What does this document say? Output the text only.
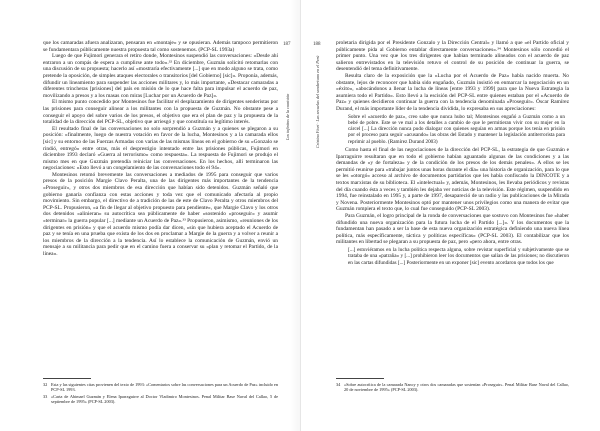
187
Los infinitos de la comisión

que los camaradas afuera analizaran, pensaran en «montaje» y se opusieran. Además tampoco permitieron se fundamentara públicamente nuestra propuesta tal como sostenemos. (PCP-SL 1993a)

Luego de que Fujimori generara el retiro donde, Montesinos suspendió las conversaciones: «Desde ahí entraron a un compás de espera a cumplirse ante todo».³² En diciembre, Guzmán solicitó retomarlas con una discusión de su propuesta; hacerlo así «mostraría efectivamente [...] que en modo alguno se trata, como pretende la oposición, de simples ataques electorales o transitorios [del Gobierno] [sic]». Proponía, además, difundir un lineamiento para suspender las acciones militares y, lo más importante, «Destacar camaradas a diferentes trincheras [prisiones] del país en misión de lo que hace falta para impulsar el acuerdo de paz, movilizando a presos y a los masas con miras [Luchar por un Acuerdo de Paz]».

El mismo punto concedido por Montesinos fue facilitar el desplazamiento de dirigentes senderistas por las prisiones para conseguir alinear a los militantes con la propuesta de Guzmán. No obstante pese a conseguir el apoyo del sobre varios de los presos, el objetivo que era el plan de paz y la propuesta de la totalidad de la dirección del PCP-SL, objetivo que arriesgó y que constituía su legítimo interés.

El resultado final de las conversaciones no solo sorprendió a Guzmán y a quienes se plegaron a su posición: «finalmente, luego de nuestra votación en favor de la lucha, Montesinos y a la camarada ellos [sic] y su entorno de las Fuerzas Armadas con varias de las mismas líneas en el gobierno de su «Gonzalo se rindió, entregó» entre otras, más el desprestigio intentado entre las prisiones públicas, Fujimori en diciembre 1993 declaró «Guerra al terrorismo» como respuesta». La respuesta de Fujimori se produjo el mismo mes en que Guzmán pretendía reiniciar las conversaciones. En los hechos, allí terminaron las negociaciones: «Esto llevó a un congelamiento de las conversaciones todo el 94».

Montesinos retomó brevemente las conversaciones a mediados de 1995 para conseguir que varios presos de la posición Margie Clavo Peralta, una de las dirigentes más importantes de la tendencia «Proseguir», y otros dos miembros de esa dirección que habían sido detenidos. Guzmán señaló que gobierno ganaría confianza con estas acciones y toda vez que el comunicado afectaría al propio movimiento. Sin embargo, el directivo de a tradición de las de este de Clavo Peralta y otros miembros del PCP-SL. Propusieron, «a fin de llegar al objetivo propuesto para pendiente», que Margie Clavo y los otros dos detenidos «alinieran» su autocrítica sea públicamente de haber «sostenido «proseguir» y asumir «terminar» la guerra popular [...] mediante un Acuerdo de Paz».³³ Propusieron, asimismo, «reuniones de los dirigentes en prisión» y que el acuerdo mismo podía dar dicen, «sin que hubiera aceptado el Acuerdo de paz y se tenía en una prueba que exista de los dos en proclamar a Margie de la guerra y a volver a reunir a los miembros de la dirección a la tendencia. Así lo establece la comunicación de Guzmán, envió un mensaje a su militancia para pedir que en el camino fuera a conservar su «plan y retomar el Partido, de la línea».

32 Esta y las siguientes citas provienen del texto de 1993: «Comentarios sobre las conversaciones para un Acuerdo de Paz» incluido en PCP-SL 1993.
33 «Carta de Abimael Guzmán y Elena Iparraguirre al Doctor Vladimiro Montesinos. Penal Militar Base Naval del Callao, 5 de septiembre de 1995» (PCP-SL 2003).
188
Cristina Fiori · Las secuelas del senderismo en el Perú

proletaria dirigida por el Presidente Gonzalo y la Dirección Central» y llamó a que «el Partido oficial y públicamente pida al Gobierno entablar directamente conversaciones».³⁴ Montesinos sólo concedió el primer punto. Una vez que los tres dirigentes que habían terminado alineados con el acuerdo de paz salieron entrevistados en la televisión retuvo el control de su posición de continuar la guerra, se desentendió del tema definitivamente.

Resulta claro de la exposición que la «Lucha por el Acuerdo de Paz» había nacido muerta. No obstante, lejos de reconocer que había sido engañado, Guzmán insistió en enmarcar la negociación en un «éxito», «abocándonos a llenar la lucha de líneas [entre 1993 y 1999] para que la Nueva Estrategia la asumiera todo el Partido». Esto llevó a la escisión del PCP-SL entre quienes estaban por el «Acuerdo de Paz» y quienes decidieron continuar la guerra con la tendencia denominada «Proseguir». Óscar Ramírez Durand, el más importante líder de la tendencia dividida, lo expresaba en sus apreciaciones:

Sobre el «acuerdo de paz», creo sabe que nunca hubo tal; Montesinos engañó a Guzmán como a un bebé de pobre. Este se ve mal a los detalles a cambio de que le permitieran vivir con su mujer en la cárcel [...] La dirección nunca pudo dialogar con quienes seguían en armas porque los tenía en prisión por el proceso para seguir «acusando» las obras del Estado y mantener la legislación antiterrorista para reprimir al pueblo. (Ramírez Durand 2003)

Como hasta el final de las negociaciones de la dirección del PCP-SL, la estrategia de que Guzmán e Iparraguirre resultaran que en todo el gobierno habían aguantado algunas de las condiciones y a las demandas de «y de fortaleza» y de la condición de los presos de los demás penales». A ellos se les permitió reunirse para «trabajar juntos unas horas durante el día» una historia de organización, para lo que se les «otorgó» acceso al archivo de documentos partidarios que les había confiscado la DINCOTE y a textos marxistas de su biblioteca. El «intelectual» y, además, Montesinos, les llevaba periódicos y revistas del día cuando ésta a veces y también les dejaba ver noticias de la televisión. Este régimen, suspendido en 1994, fue reinstalado en 1995 y, a parte de 1997, desapareció de un radio y las publicaciones de la Mirada y Novena. Posteriormente Montesinos optó por mantener unos privilegios como una manera de evitar que Guzmán rompiera el texto que, lo cual fue conseguido (PCP-SL 2003).

Para Guzmán, el logro principal de la ronda de conversaciones que sostuvo con Montesinos fue «haber difundido una nueva organización para la futura lucha de el Partido [...]». Y los documentos que la fundamentan han pasado a ser la base de esta nueva organización estratégica definiendo una nueva línea política, más específicamente, táctica y políticas específicas» (PCP-SL 2003). El contabilizar que los militantes en libertad se plegaran a su propuesta de paz, pero «pero ahora, entre otras.

[...] estuviéramos en la lucha política respecta alguna, sobre revistar superficial y subjetivamente que se trataba de una «patraña» y [...] prohibieron leer los documentos que salían de las prisiones; no discutieron en las cartas difundidas [...] Posteriormente en un exponer [sic] evento acordaron que todos los que
34 «Sobre autocrítica de la camarada Nancy y otros dos camaradas que sostenían «Proseguir». Penal Militar Base Naval del Callao, 20 de noviembre de 1995» (PCP-SL 2003).
